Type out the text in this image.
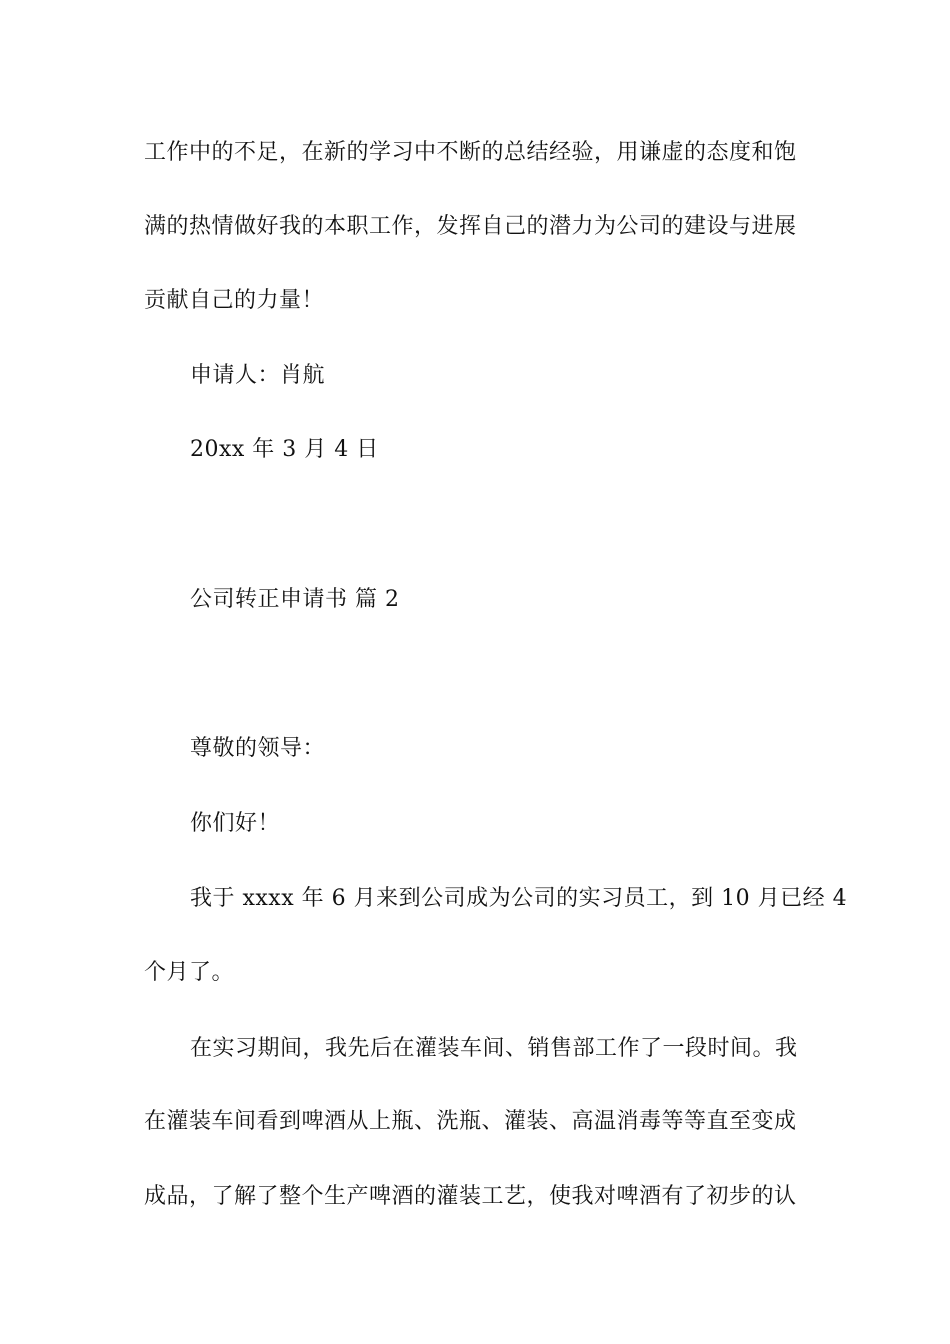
工作中的不足，在新的学习中不断的总结经验，用谦虚的态度和饱
满的热情做好我的本职工作，发挥自己的潜力为公司的建设与进展
贡献自己的力量！
申请人：肖航
20xx 年 3 月 4 日
公司转正申请书 篇 2
尊敬的领导：
你们好！
我于 xxxx 年 6 月来到公司成为公司的实习员工，到 10 月已经 4
个月了。
在实习期间，我先后在灌装车间、销售部工作了一段时间。我
在灌装车间看到啤酒从上瓶、洗瓶、灌装、高温消毒等等直至变成
成品，了解了整个生产啤酒的灌装工艺，使我对啤酒有了初步的认
